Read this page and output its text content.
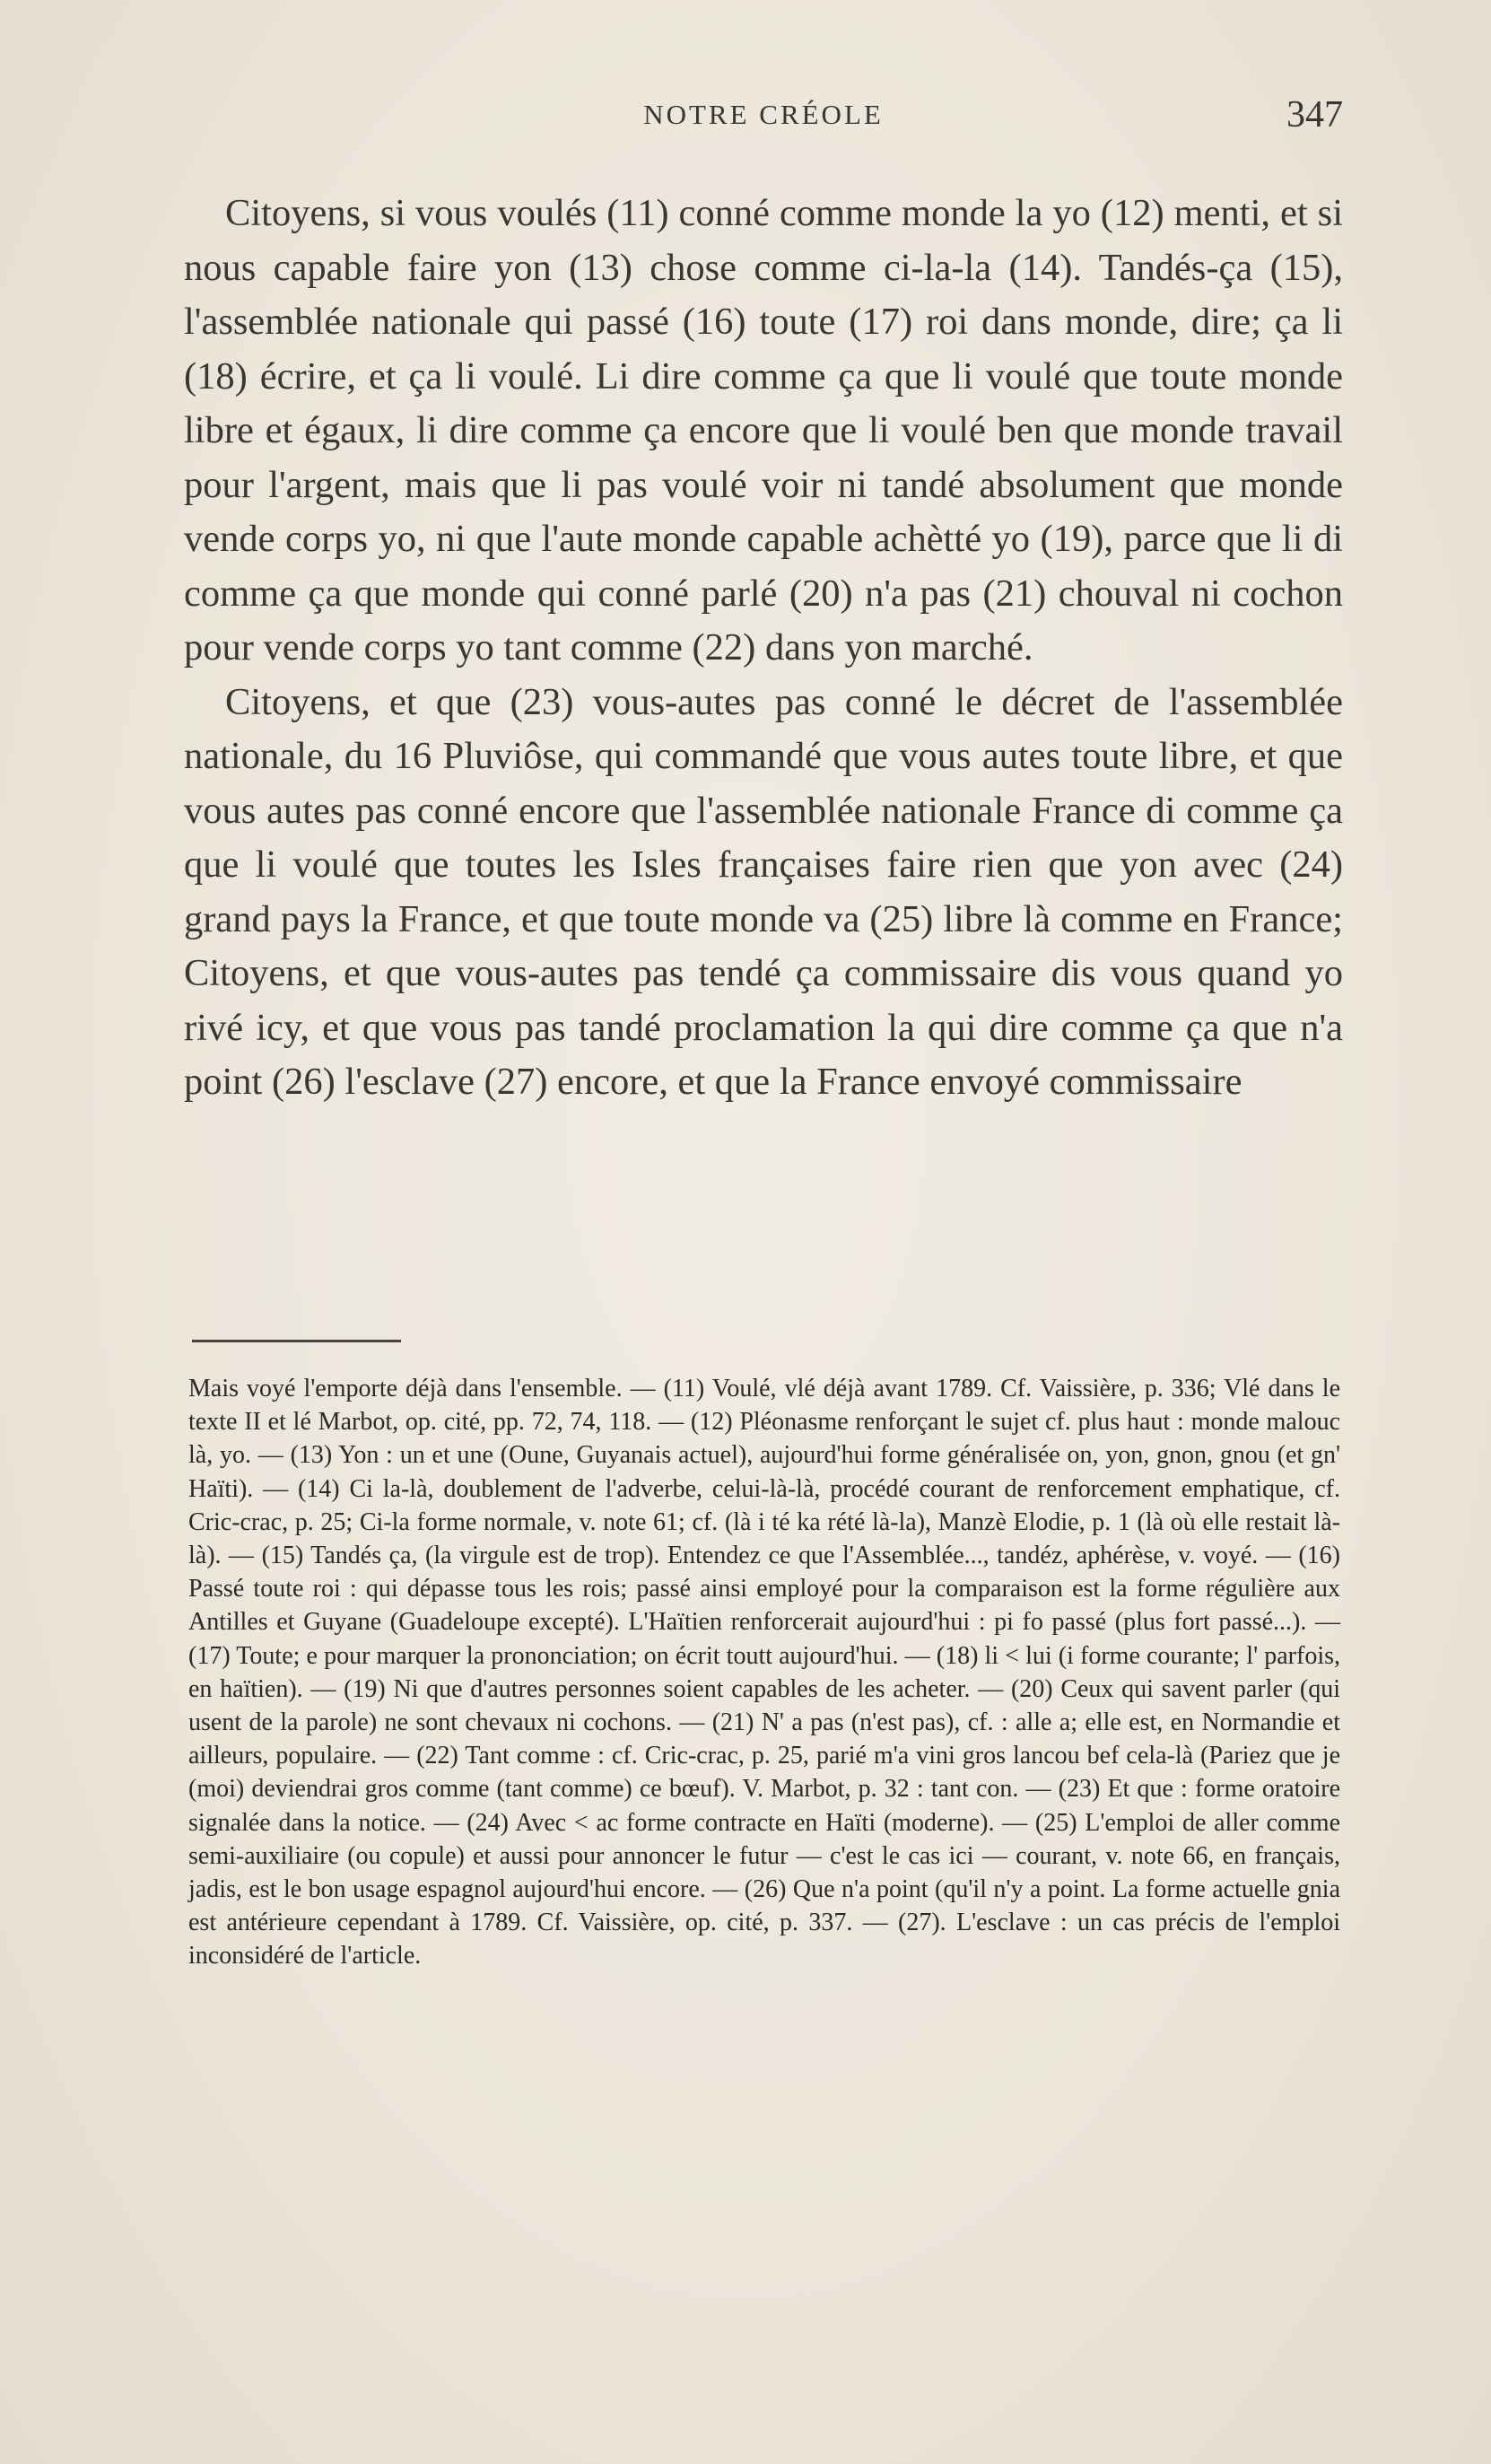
NOTRE CRÉOLE	347

Citoyens, si vous voulés (11) conné comme monde la yo (12) menti, et si nous capable faire yon (13) chose comme ci-la-la (14). Tandés-ça (15), l'assemblée nationale qui passé (16) toute (17) roi dans monde, dire; ça li (18) écrire, et ça li voulé. Li dire comme ça que li voulé que toute monde libre et égaux, li dire comme ça encore que li voulé ben que monde travail pour l'argent, mais que li pas voulé voir ni tandé absolument que monde vende corps yo, ni que l'aute monde capable achètté yo (19), parce que li di comme ça que monde qui conné parlé (20) n'a pas (21) chouval ni cochon pour vende corps yo tant comme (22) dans yon marché.

Citoyens, et que (23) vous-autes pas conné le décret de l'assemblée nationale, du 16 Pluviôse, qui commandé que vous autes toute libre, et que vous autes pas conné encore que l'assemblée nationale France di comme ça que li voulé que toutes les Isles françaises faire rien que yon avec (24) grand pays la France, et que toute monde va (25) libre là comme en France; Citoyens, et que vous-autes pas tendé ça commissaire dis vous quand yo rivé icy, et que vous pas tandé proclamation la qui dire comme ça que n'a point (26) l'esclave (27) encore, et que la France envoyé commissaire

Mais voyé l'emporte déjà dans l'ensemble. — (11) Voulé, vlé déjà avant 1789. Cf. Vaissière, p. 336; Vlé dans le texte II et lé Marbot, op. cité, pp. 72, 74, 118. — (12) Pléonasme renforçant le sujet cf. plus haut : monde malouc là, yo. — (13) Yon : un et une (Oune, Guyanais actuel), aujourd'hui forme généralisée on, yon, gnon, gnou (et gn' Haïti). — (14) Ci la-là, doublement de l'adverbe, celui-là-là, procédé courant de renforcement emphatique, cf. Cric-crac, p. 25; Ci-la forme normale, v. note 61; cf. (là i té ka rété là-la), Manzè Elodie, p. 1 (là où elle restait là-là). — (15) Tandés ça, (la virgule est de trop). Entendez ce que l'Assemblée..., tandéz, aphérèse, v. voyé. — (16) Passé toute roi : qui dépasse tous les rois; passé ainsi employé pour la comparaison est la forme régulière aux Antilles et Guyane (Guadeloupe excepté). L'Haïtien renforcerait aujourd'hui : pi fo passé (plus fort passé...). — (17) Toute; e pour marquer la prononciation; on écrit toutt aujourd'hui. — (18) li < lui (i forme courante; l' parfois, en haïtien). — (19) Ni que d'autres personnes soient capables de les acheter. — (20) Ceux qui savent parler (qui usent de la parole) ne sont chevaux ni cochons. — (21) N' a pas (n'est pas), cf. : alle a; elle est, en Normandie et ailleurs, populaire. — (22) Tant comme : cf. Cric-crac, p. 25, parié m'a vini gros lancou bef cela-là (Pariez que je (moi) deviendrai gros comme (tant comme) ce bœuf). V. Marbot, p. 32 : tant con. — (23) Et que : forme oratoire signalée dans la notice. — (24) Avec < ac forme contracte en Haïti (moderne). — (25) L'emploi de aller comme semi-auxiliaire (ou copule) et aussi pour annoncer le futur — c'est le cas ici — courant, v. note 66, en français, jadis, est le bon usage espagnol aujourd'hui encore. — (26) Que n'a point (qu'il n'y a point. La forme actuelle gnia est antérieure cependant à 1789. Cf. Vaissière, op. cité, p. 337. — (27). L'esclave : un cas précis de l'emploi inconsidéré de l'article.
